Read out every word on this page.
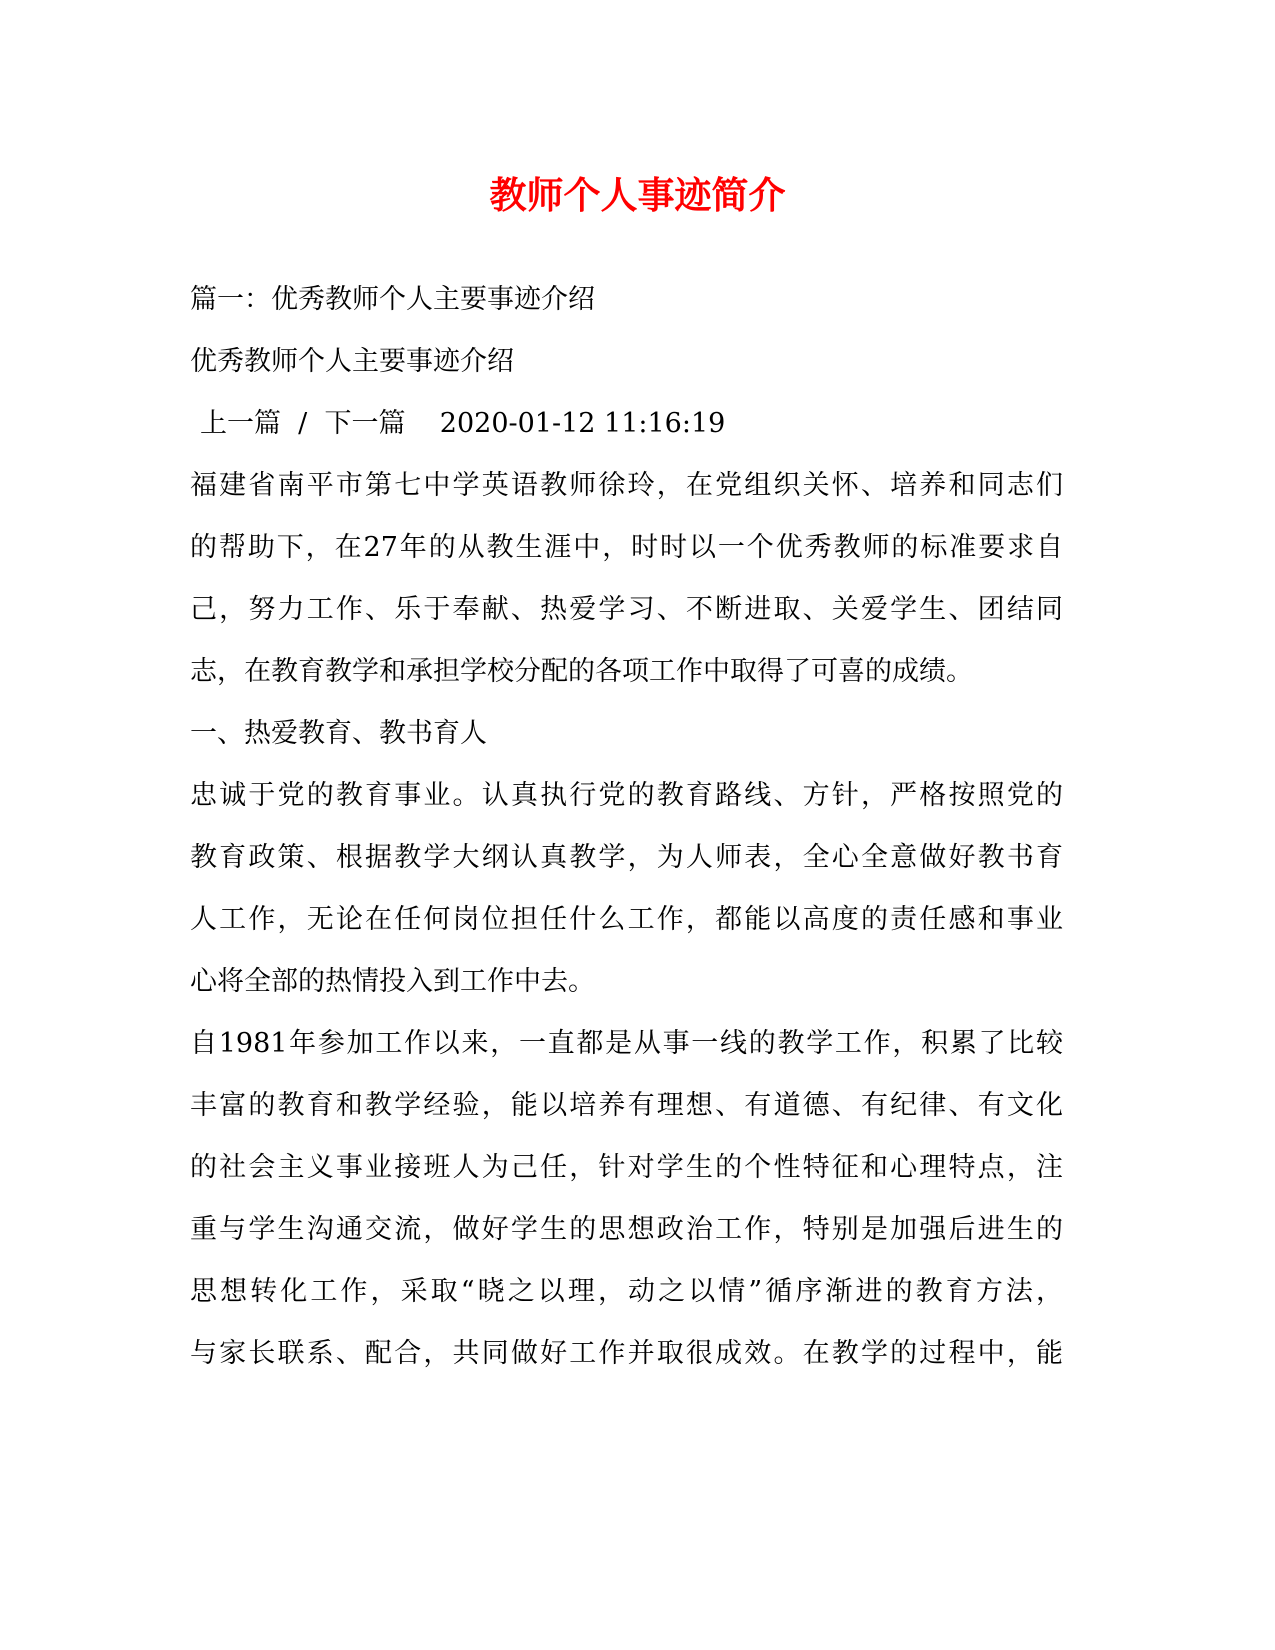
教师个人事迹简介

篇一：优秀教师个人主要事迹介绍

优秀教师个人主要事迹介绍

上一篇 / 下一篇 2020-01-12 11:16:19

福建省南平市第七中学英语教师徐玲，在党组织关怀、培养和同志们

的帮助下，在27年的从教生涯中，时时以一个优秀教师的标准要求自

己，努力工作、乐于奉献、热爱学习、不断进取、关爱学生、团结同

志，在教育教学和承担学校分配的各项工作中取得了可喜的成绩。

一、热爱教育、教书育人

忠诚于党的教育事业。认真执行党的教育路线、方针，严格按照党的

教育政策、根据教学大纲认真教学，为人师表，全心全意做好教书育

人工作，无论在任何岗位担任什么工作，都能以高度的责任感和事业

心将全部的热情投入到工作中去。

自1981年参加工作以来，一直都是从事一线的教学工作，积累了比较

丰富的教育和教学经验，能以培养有理想、有道德、有纪律、有文化

的社会主义事业接班人为己任，针对学生的个性特征和心理特点，注

重与学生沟通交流，做好学生的思想政治工作，特别是加强后进生的

思想转化工作，采取“晓之以理，动之以情”循序渐进的教育方法，

与家长联系、配合，共同做好工作并取很成效。在教学的过程中，能
